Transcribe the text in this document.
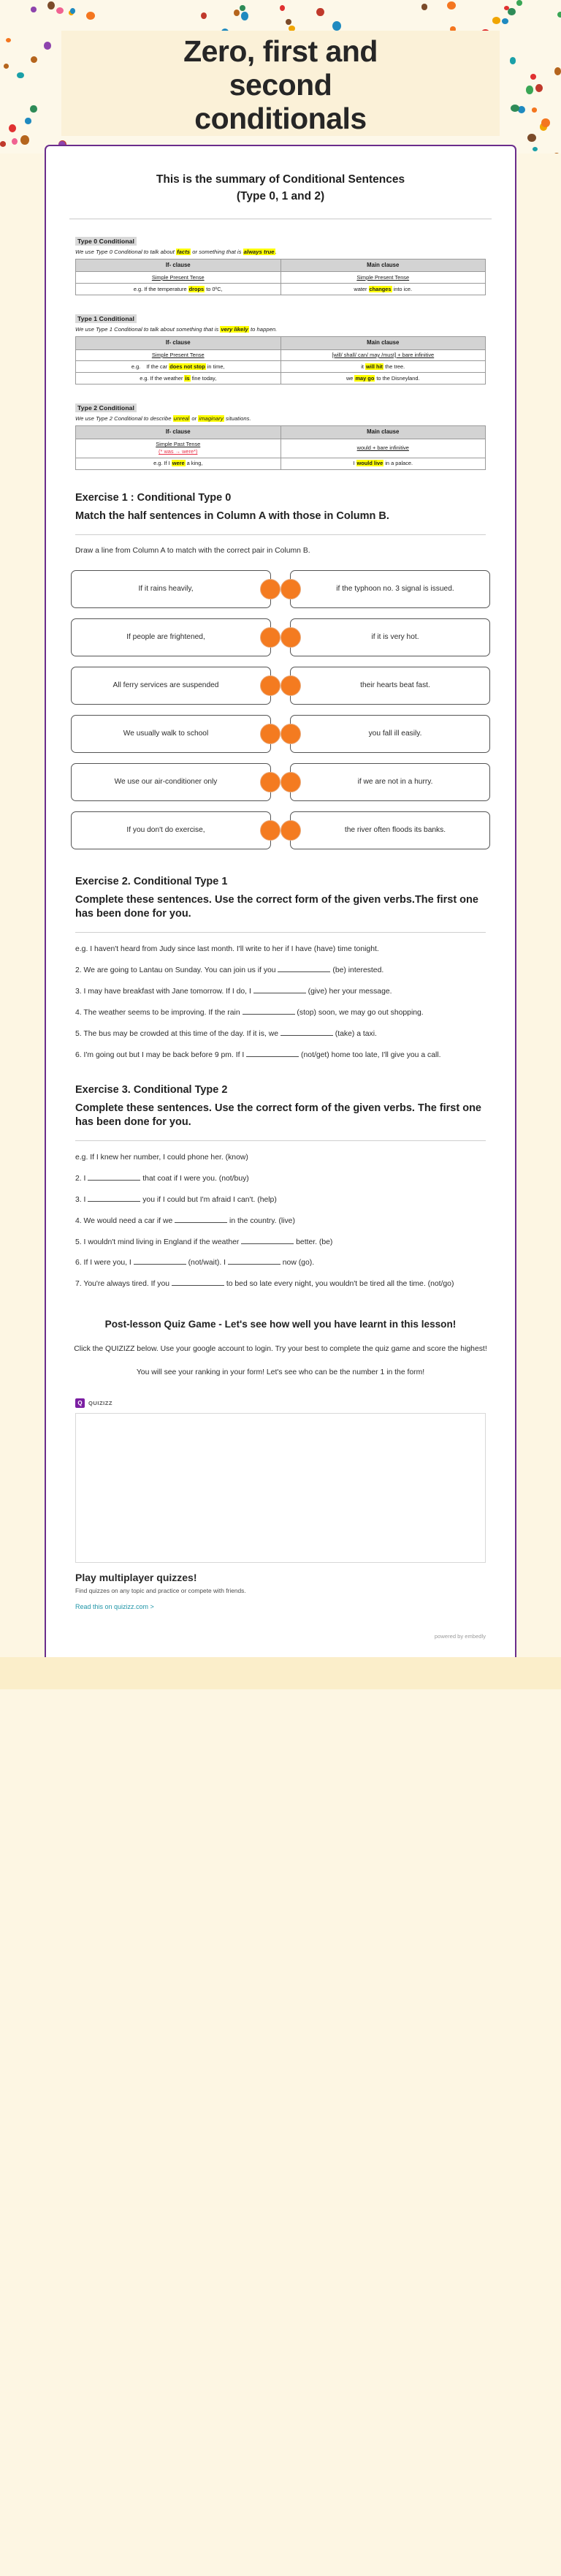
Zero, first and
second
conditionals
This is the summary of Conditional Sentences
(Type 0, 1 and 2)
Type 0 Conditional
We use Type 0 Conditional to talk about facts or something that is always true.
If- clause	Main clause
Simple Present Tense	Simple Present Tense
e.g. If the temperature drops to 0ºC,	water changes into ice.
Type 1 Conditional
We use Type 1 Conditional to talk about something that is very likely to happen.
If- clause	Main clause
Simple Present Tense	[will/ shall/ can/ may /must] + bare infinitive
e.g.    If the car does not stop in time,	it will hit the tree.
e.g. If the weather is fine today,	we may go to the Disneyland.
Type 2 Conditional
We use Type 2 Conditional to describe unreal or imaginary situations.
If- clause	Main clause
Simple Past Tense
(* was → were*)	would + bare infinitive
e.g. If I were a king,	I would live in a palace.
Exercise 1 : Conditional Type 0
Match the half sentences in Column A with those in Column B.
Draw a line from Column A to match with the correct pair in Column B.
If it rains heavily,
If people are frightened,
All ferry services are suspended
We usually walk to school
We use our air-conditioner only
If you don't do exercise,
if the typhoon no. 3 signal is issued.
if it is very hot.
their hearts beat fast.
you fall ill easily.
if we are not in a hurry.
the river often floods its banks.
Exercise 2. Conditional Type 1
Complete these sentences. Use the correct form of the given verbs.The first one has been done for you.

e.g. I haven't heard from Judy since last month. I'll write to her if I have (have) time tonight.

2. We are going to Lantau on Sunday. You can join us if you	(be) interested.

3. I may have breakfast with Jane tomorrow. If I do, I	(give) her your message.

4. The weather seems to be improving. If the rain	(stop) soon, we may go out shopping.

5. The bus may be crowded at this time of the day. If it is, we	(take) a taxi.

6. I'm going out but I may be back before 9 pm. If I	(not/get) home too late, I'll give you a call.

Exercise 3. Conditional Type 2
Complete these sentences. Use the correct form of the given verbs. The first one has been done for you.

e.g. If I knew her number, I could phone her. (know)

2. I	that coat if I were you. (not/buy)

3. I	you if I could but I'm afraid I can't. (help)

4. We would need a car if we	in the country. (live)

5. I wouldn't mind living in England if the weather	better. (be)

6. If I were you, I	(not/wait). I	now (go).

7. You're always tired. If you	to bed so late every night, you wouldn't be tired all the time. (not/go)

Post-lesson Quiz Game - Let's see how well you have learnt in this lesson!
Click the QUIZIZZ below. Use your google account to login. Try your best to complete the quiz game and score the highest!
You will see your ranking in your form! Let's see who can be the number 1 in the form!
Q	QUIZIZZ
Play multiplayer quizzes!
Find quizzes on any topic and practice or compete with friends.
Read this on quizizz.com >
powered by embedly
